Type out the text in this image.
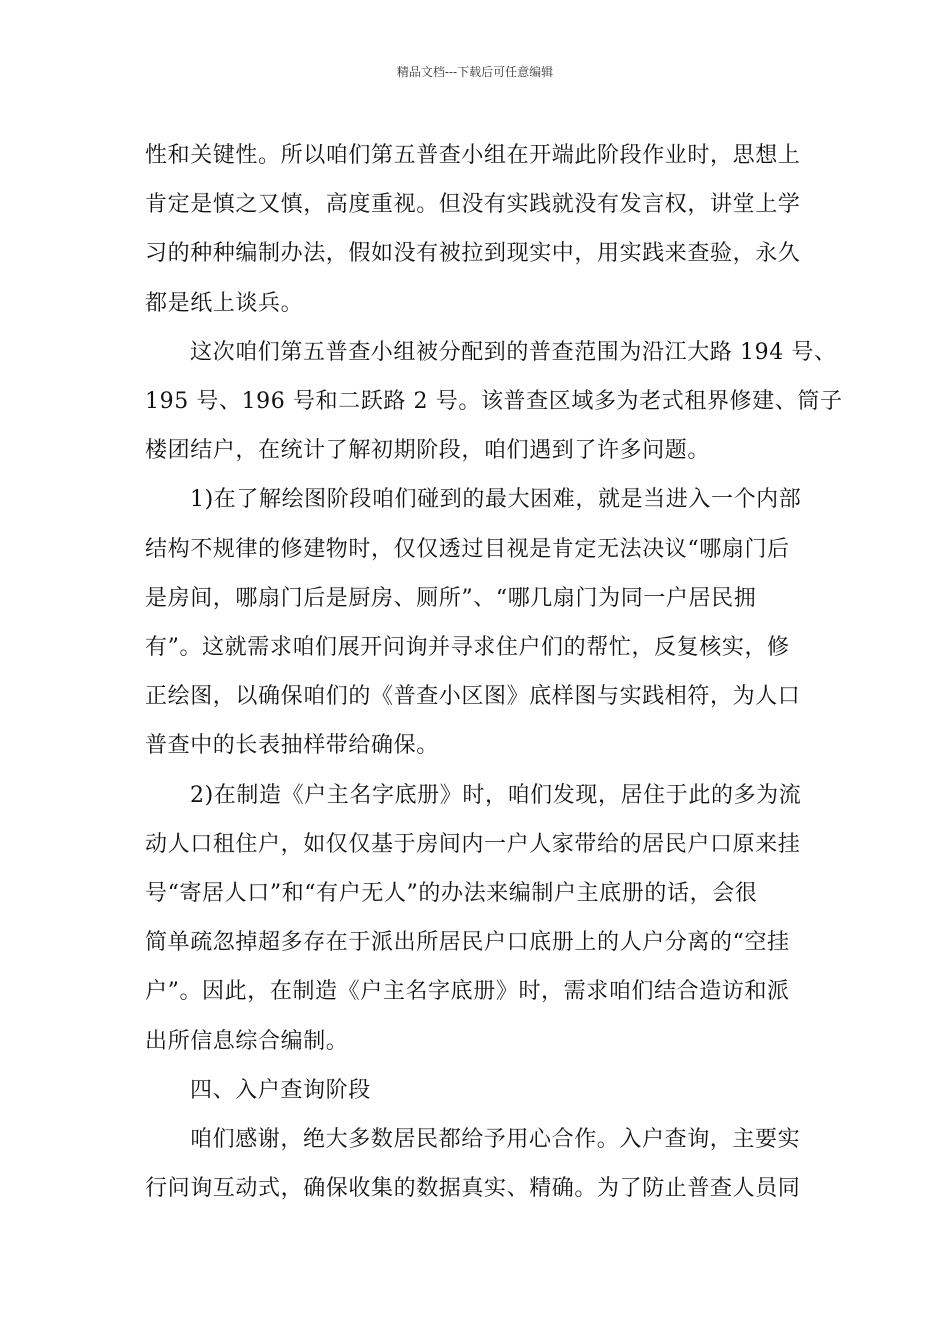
精品文档---下载后可任意编辑

性和关键性。所以咱们第五普查小组在开端此阶段作业时，思想上
肯定是慎之又慎，高度重视。但没有实践就没有发言权，讲堂上学
习的种种编制办法，假如没有被拉到现实中，用实践来查验，永久
都是纸上谈兵。

这次咱们第五普查小组被分配到的普查范围为沿江大路 194 号、
195 号、196 号和二跃路 2 号。该普查区域多为老式租界修建、筒子
楼团结户，在统计了解初期阶段，咱们遇到了许多问题。

1)在了解绘图阶段咱们碰到的最大困难，就是当进入一个内部
结构不规律的修建物时，仅仅透过目视是肯定无法决议“哪扇门后
是房间，哪扇门后是厨房、厕所”、“哪几扇门为同一户居民拥
有”。这就需求咱们展开问询并寻求住户们的帮忙，反复核实，修
正绘图，以确保咱们的《普查小区图》底样图与实践相符，为人口
普查中的长表抽样带给确保。

2)在制造《户主名字底册》时，咱们发现，居住于此的多为流
动人口租住户，如仅仅基于房间内一户人家带给的居民户口原来挂
号“寄居人口”和“有户无人”的办法来编制户主底册的话，会很
简单疏忽掉超多存在于派出所居民户口底册上的人户分离的“空挂
户”。因此，在制造《户主名字底册》时，需求咱们结合造访和派
出所信息综合编制。

四、入户查询阶段

咱们感谢，绝大多数居民都给予用心合作。入户查询，主要实
行问询互动式，确保收集的数据真实、精确。为了防止普查人员同
